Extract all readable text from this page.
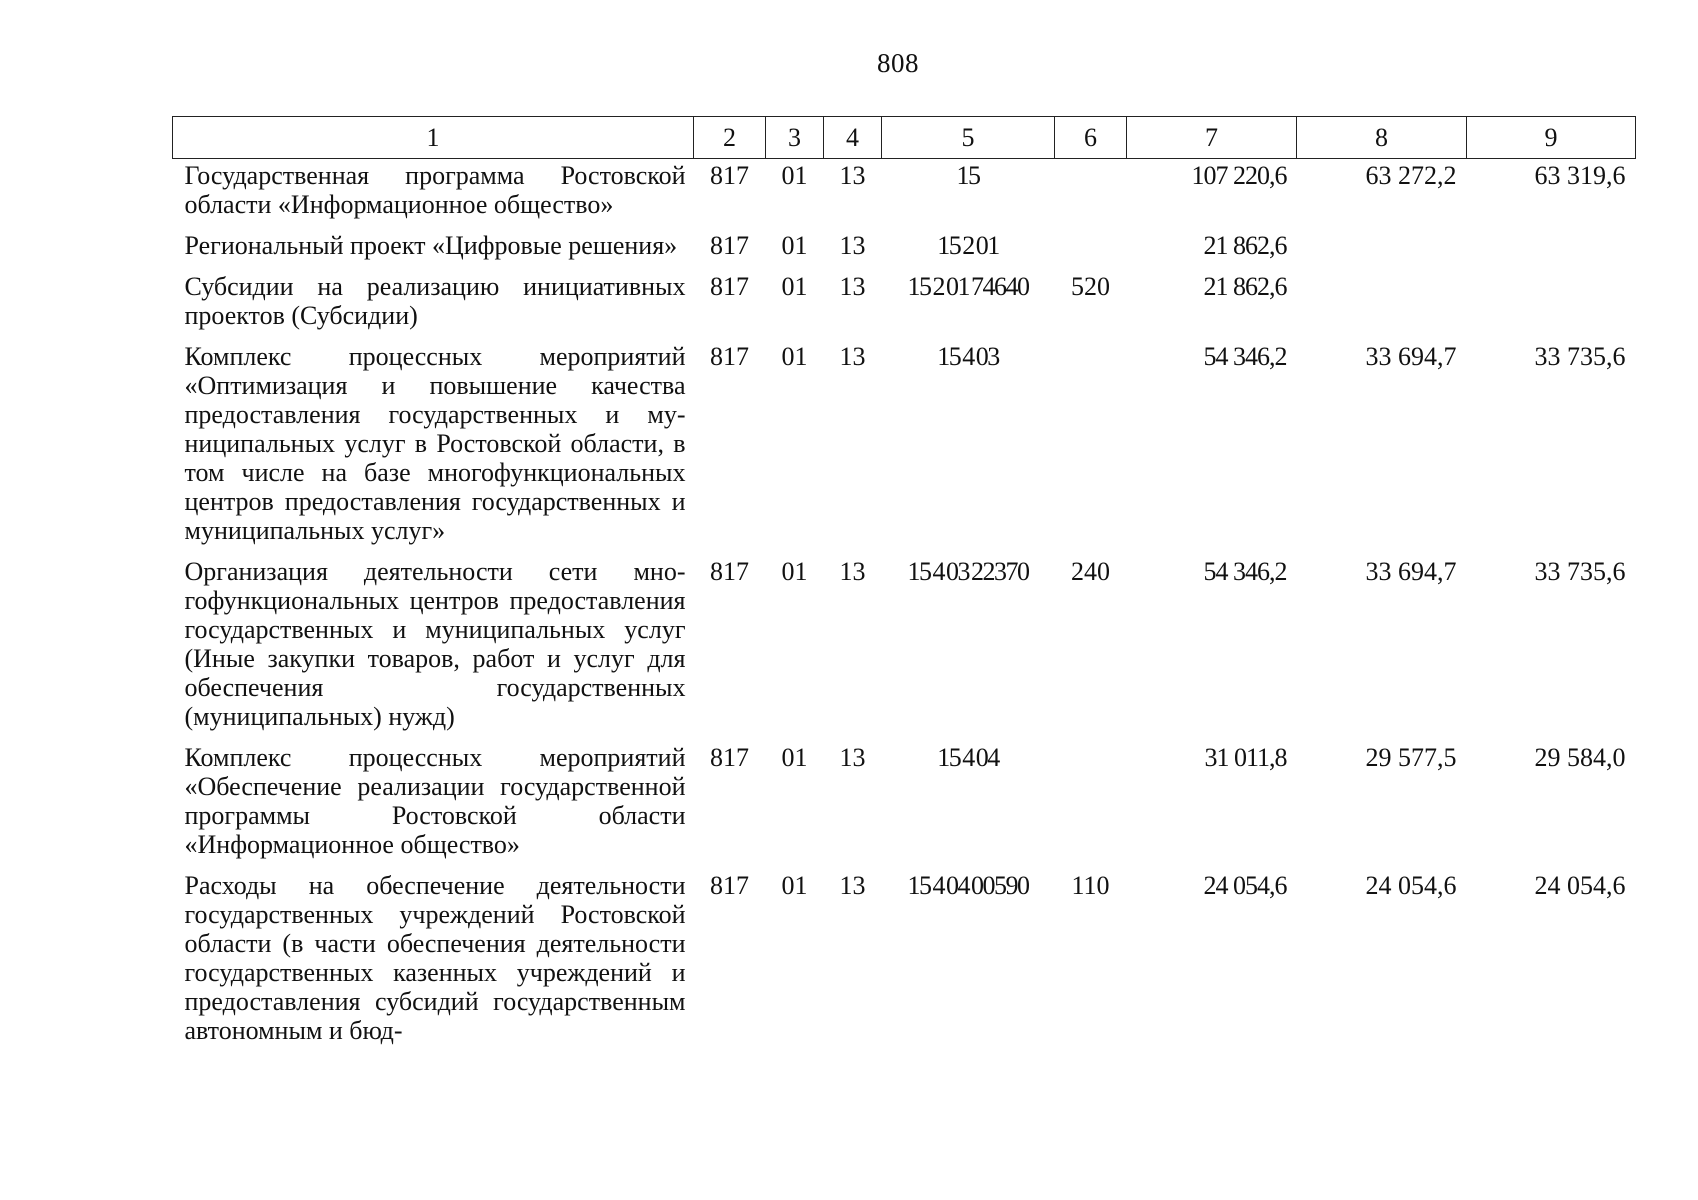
808
1	2	3	4	5	6	7	8	9
Государственная программа Ростовской области «Информационное общество»	817	01	13	15		107 220,6	63 272,2	63 319,6
Региональный проект «Цифровые решения»	817	01	13	15 2 01		21 862,6		
Субсидии на реализацию инициативных проектов (Субсидии)	817	01	13	15 2 01 74640	520	21 862,6		
Комплекс процессных мероприятий «Оптимизация и повышение качества предоставления государственных и муниципальных услуг в Ростовской области, в том числе на базе многофункциональных центров предоставления государственных и муниципальных услуг»	817	01	13	15 4 03		54 346,2	33 694,7	33 735,6
Организация деятельности сети многофункциональных центров предоставления государственных и муниципальных услуг (Иные закупки товаров, работ и услуг для обеспечения государственных (муниципальных) нужд)	817	01	13	15 4 03 22370	240	54 346,2	33 694,7	33 735,6
Комплекс процессных мероприятий «Обеспечение реализации государственной программы Ростовской области «Информационное общество»	817	01	13	15 4 04		31 011,8	29 577,5	29 584,0
Расходы на обеспечение деятельности государственных учреждений Ростовской области (в части обеспечения деятельности государственных казенных учреждений и предоставления субсидий государственным автономным и бюд-	817	01	13	15 4 04 00590	110	24 054,6	24 054,6	24 054,6
